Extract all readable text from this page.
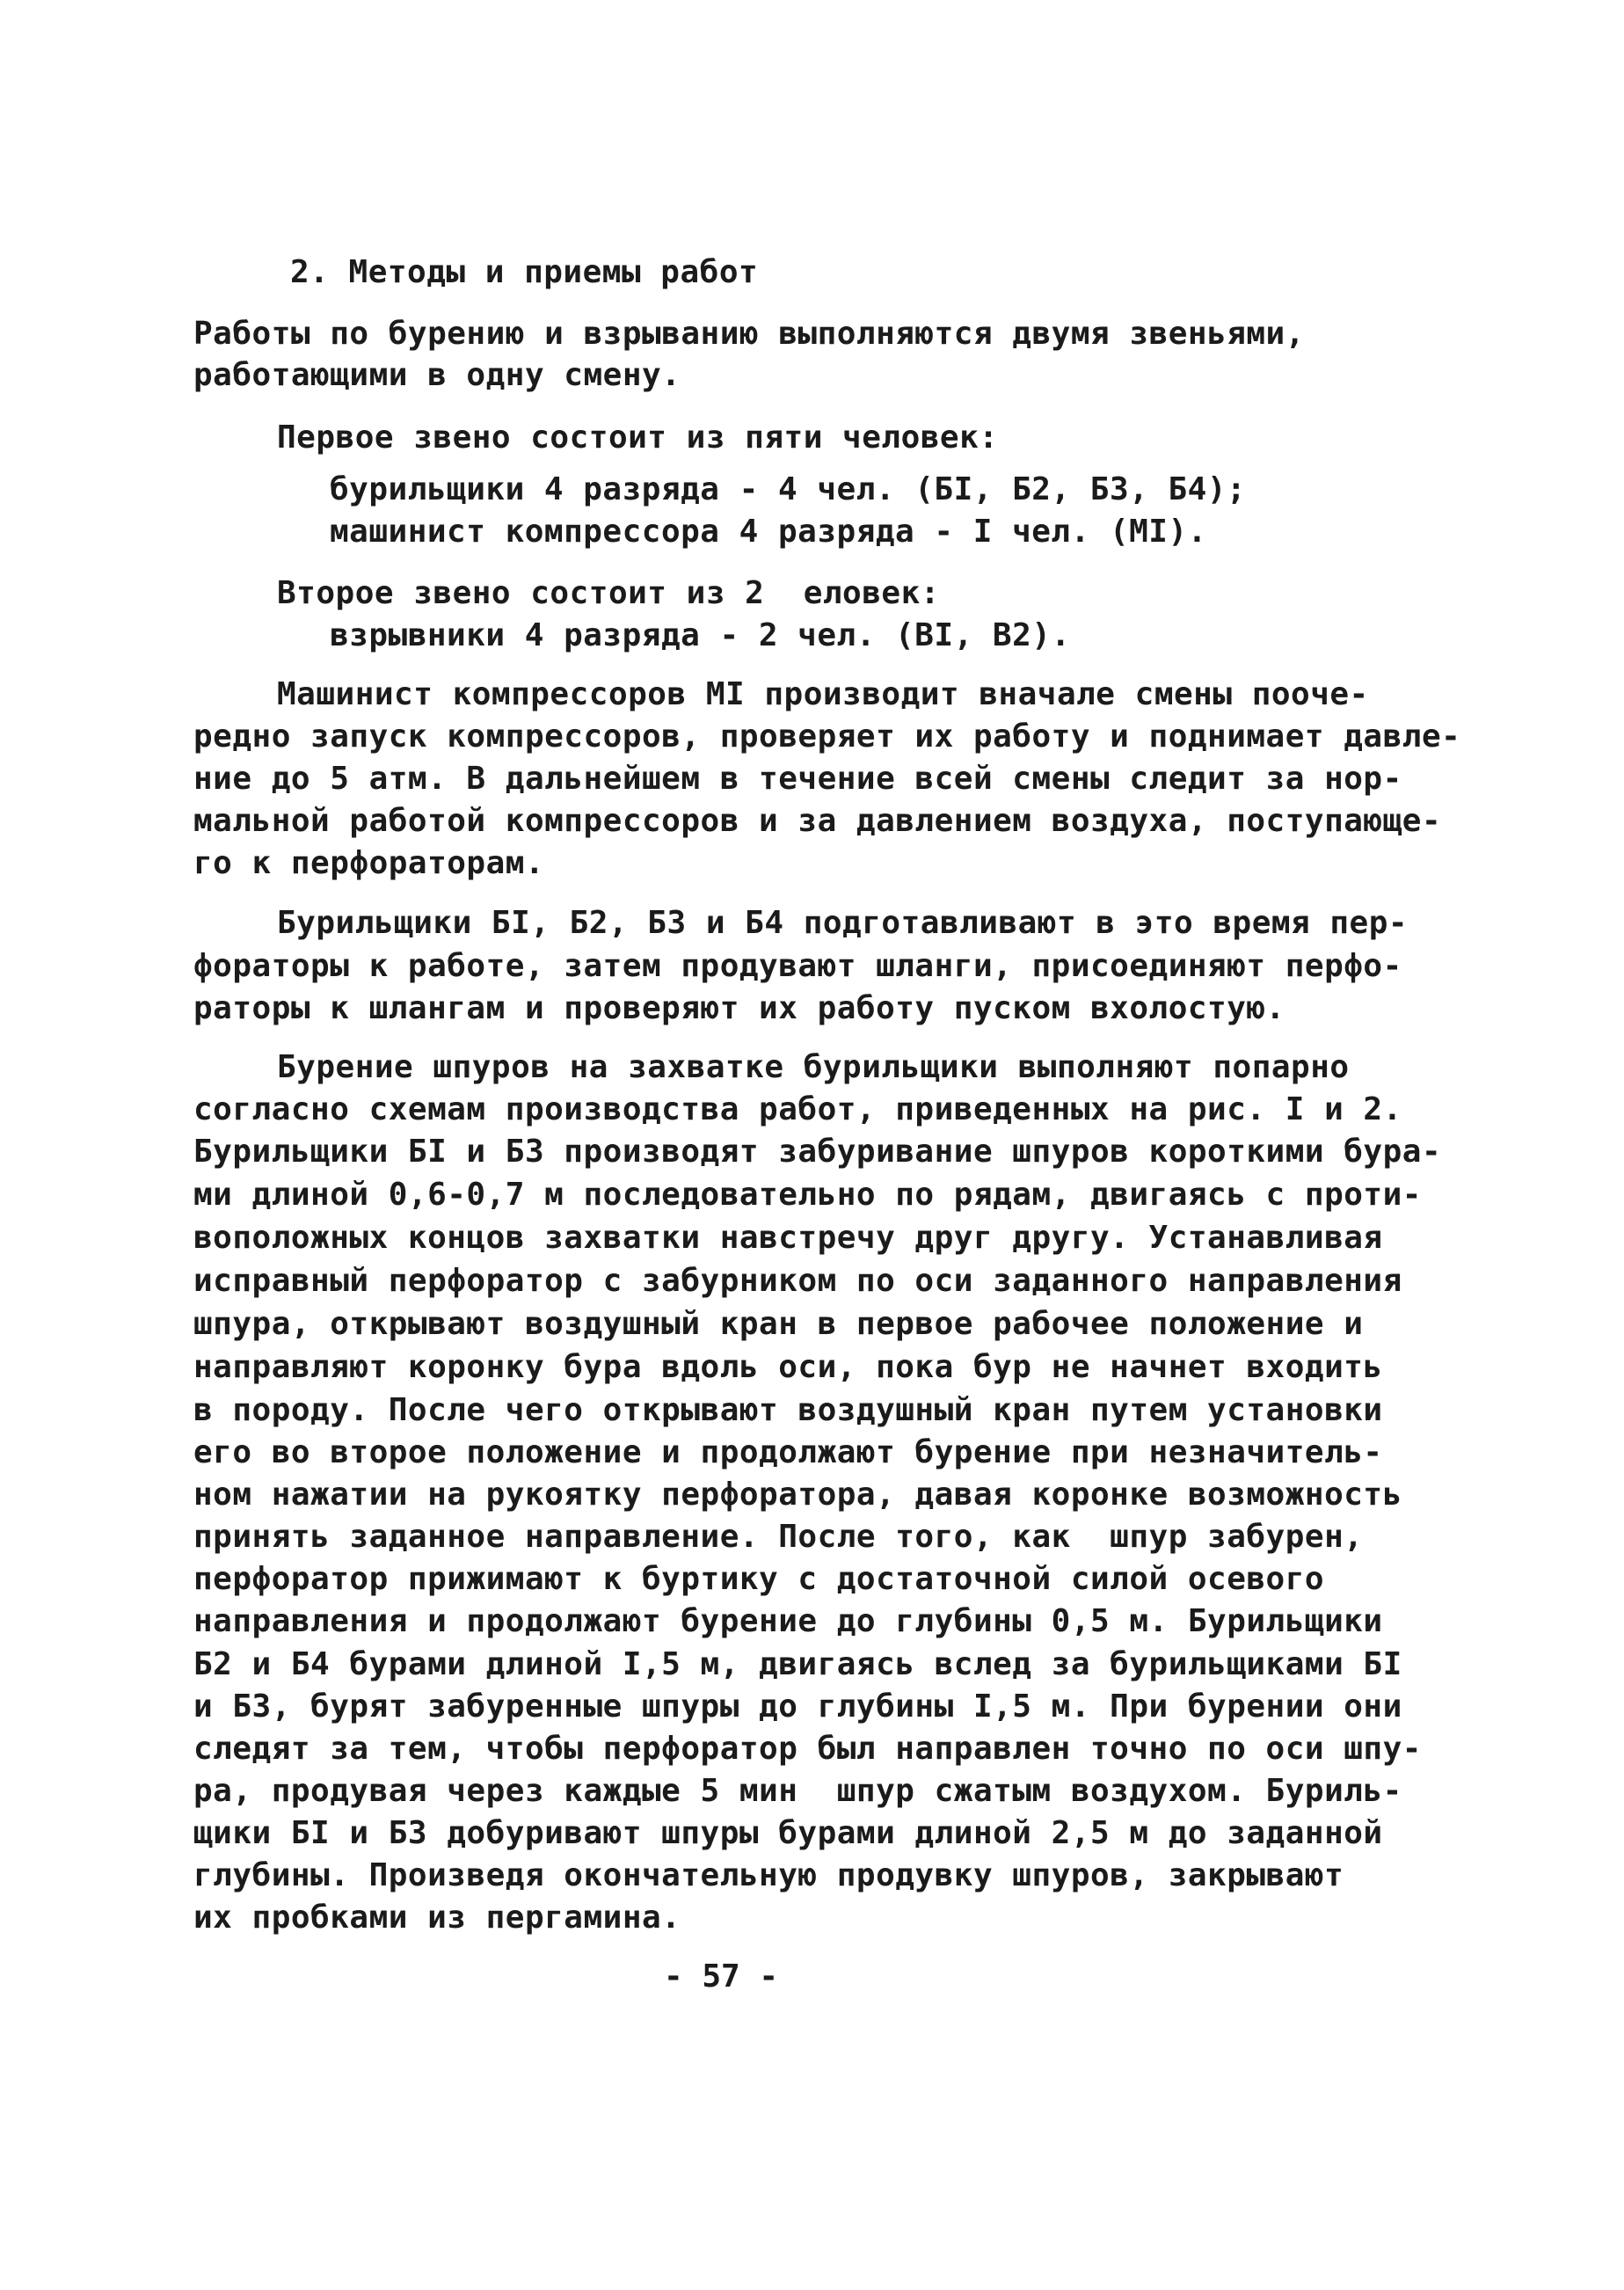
2. Методы и приемы работ
Работы по бурению и взрыванию выполняются двумя звеньями,
работающими в одну смену.
Первое звено состоит из пяти человек:
бурильщики 4 разряда - 4 чел. (БI, Б2, Б3, Б4);
машинист компрессора 4 разряда - I чел. (МI).
Второе звено состоит из 2  еловек:
взрывники 4 разряда - 2 чел. (BI, В2).
Машинист компрессоров МI производит вначале смены поoче-
редно запуск компрессоров, проверяет их работу и поднимает давле-
ние до 5 атм. В дальнейшем в течение всей смены следит за нор-
мальной работой компрессоров и за давлением воздуха, поступающе-
го к перфораторам.
Бурильщики БI, Б2, Б3 и Б4 подготавливают в это время пер-
фораторы к работе, затем продувают шланги, присоединяют перфо-
раторы к шлангам и проверяют их работу пуском вхолостую.
Бурение шпуров на захватке бурильщики выполняют попарно
согласно схемам производства работ, приведенных на рис. I и 2.
Бурильщики БI и Б3 производят забуривание шпуров короткими бура-
ми длиной 0,6-0,7 м последовательно по рядам, двигаясь с проти-
воположных концов захватки навстречу друг другу. Устанавливая
исправный перфоратор с забурником по оси заданного направления
шпура, открывают воздушный кран в первое рабочее положение и
направляют коронку бура вдоль оси, пока бур не начнет входить
в породу. После чего открывают воздушный кран путем установки
его во второе положение и продолжают бурение при незначитель-
ном нажатии на рукоятку перфоратора, давая коронке возможность
принять заданное направление. После того, как  шпур забурен,
перфоратор прижимают к буртику с достаточной силой осевого
направления и продолжают бурение до глубины 0,5 м. Бурильщики
Б2 и Б4 бурами длиной I,5 м, двигаясь вслед за бурильщиками БI
и Б3, бурят забуренные шпуры до глубины I,5 м. При бурении они
следят за тем, чтобы перфоратор был направлен точно по оси шпу-
ра, продувая через каждые 5 мин  шпур сжатым воздухом. Буриль-
щики БI и Б3 добуривают шпуры бурами длиной 2,5 м до заданной
глубины. Произведя окончательную продувку шпуров, закрывают
их пробками из пергамина.
- 57 -
